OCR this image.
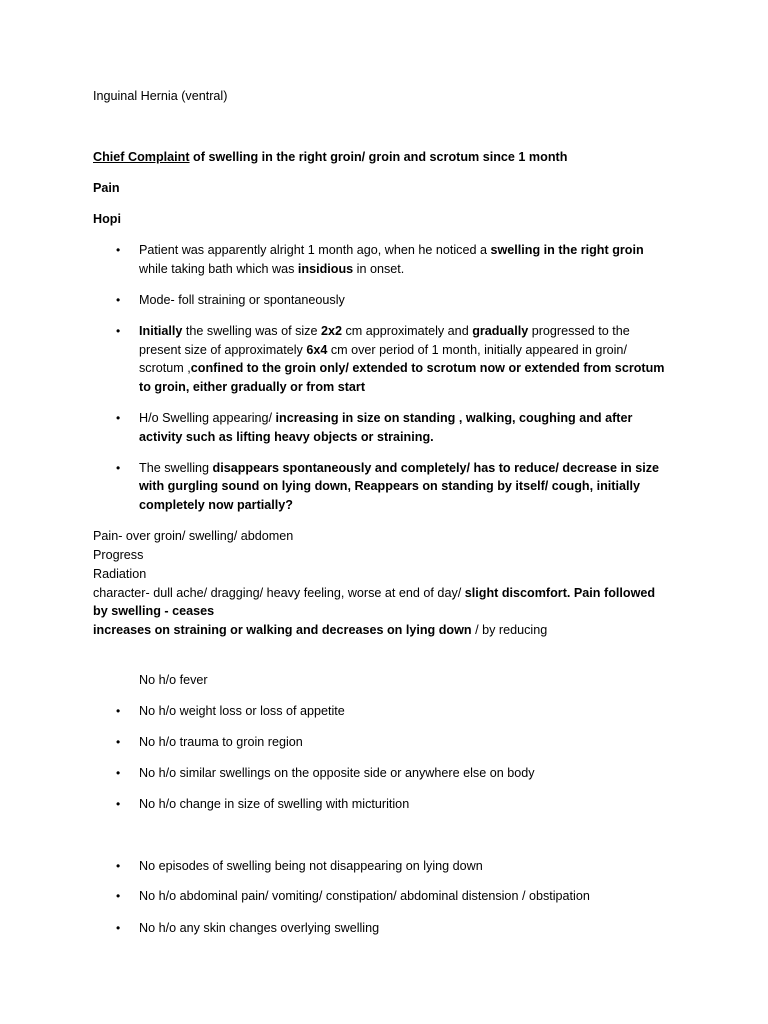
Inguinal Hernia (ventral)
Chief Complaint of swelling in the right groin/ groin and scrotum since 1 month
Pain
Hopi
• Patient was apparently alright 1 month ago, when he noticed a swelling in the right groin
while taking bath which was insidious in onset.
• Mode- foll straining or spontaneously
• Initially the swelling was of size 2x2 cm approximately and gradually progressed to the
present size of approximately 6x4 cm over period of 1 month, initially appeared in groin/
scrotum ,confined to the groin only/ extended to scrotum now or extended from scrotum
to groin, either gradually or from start
• H/o Swelling appearing/ increasing in size on standing , walking, coughing and after
activity such as lifting heavy objects or straining.
• The swelling disappears spontaneously and completely/ has to reduce/ decrease in size
with gurgling sound on lying down, Reappears on standing by itself/ cough, initially
completely now partially?
Pain- over groin/ swelling/ abdomen
Progress
Radiation
character- dull ache/ dragging/ heavy feeling, worse at end of day/ slight discomfort. Pain followed
by swelling - ceases
increases on straining or walking and decreases on lying down / by reducing
No h/o fever
• No h/o weight loss or loss of appetite
• No h/o trauma to groin region
• No h/o similar swellings on the opposite side or anywhere else on body
• No h/o change in size of swelling with micturition
• No episodes of swelling being not disappearing on lying down
• No h/o abdominal pain/ vomiting/ constipation/ abdominal distension / obstipation
• No h/o any skin changes overlying swelling
